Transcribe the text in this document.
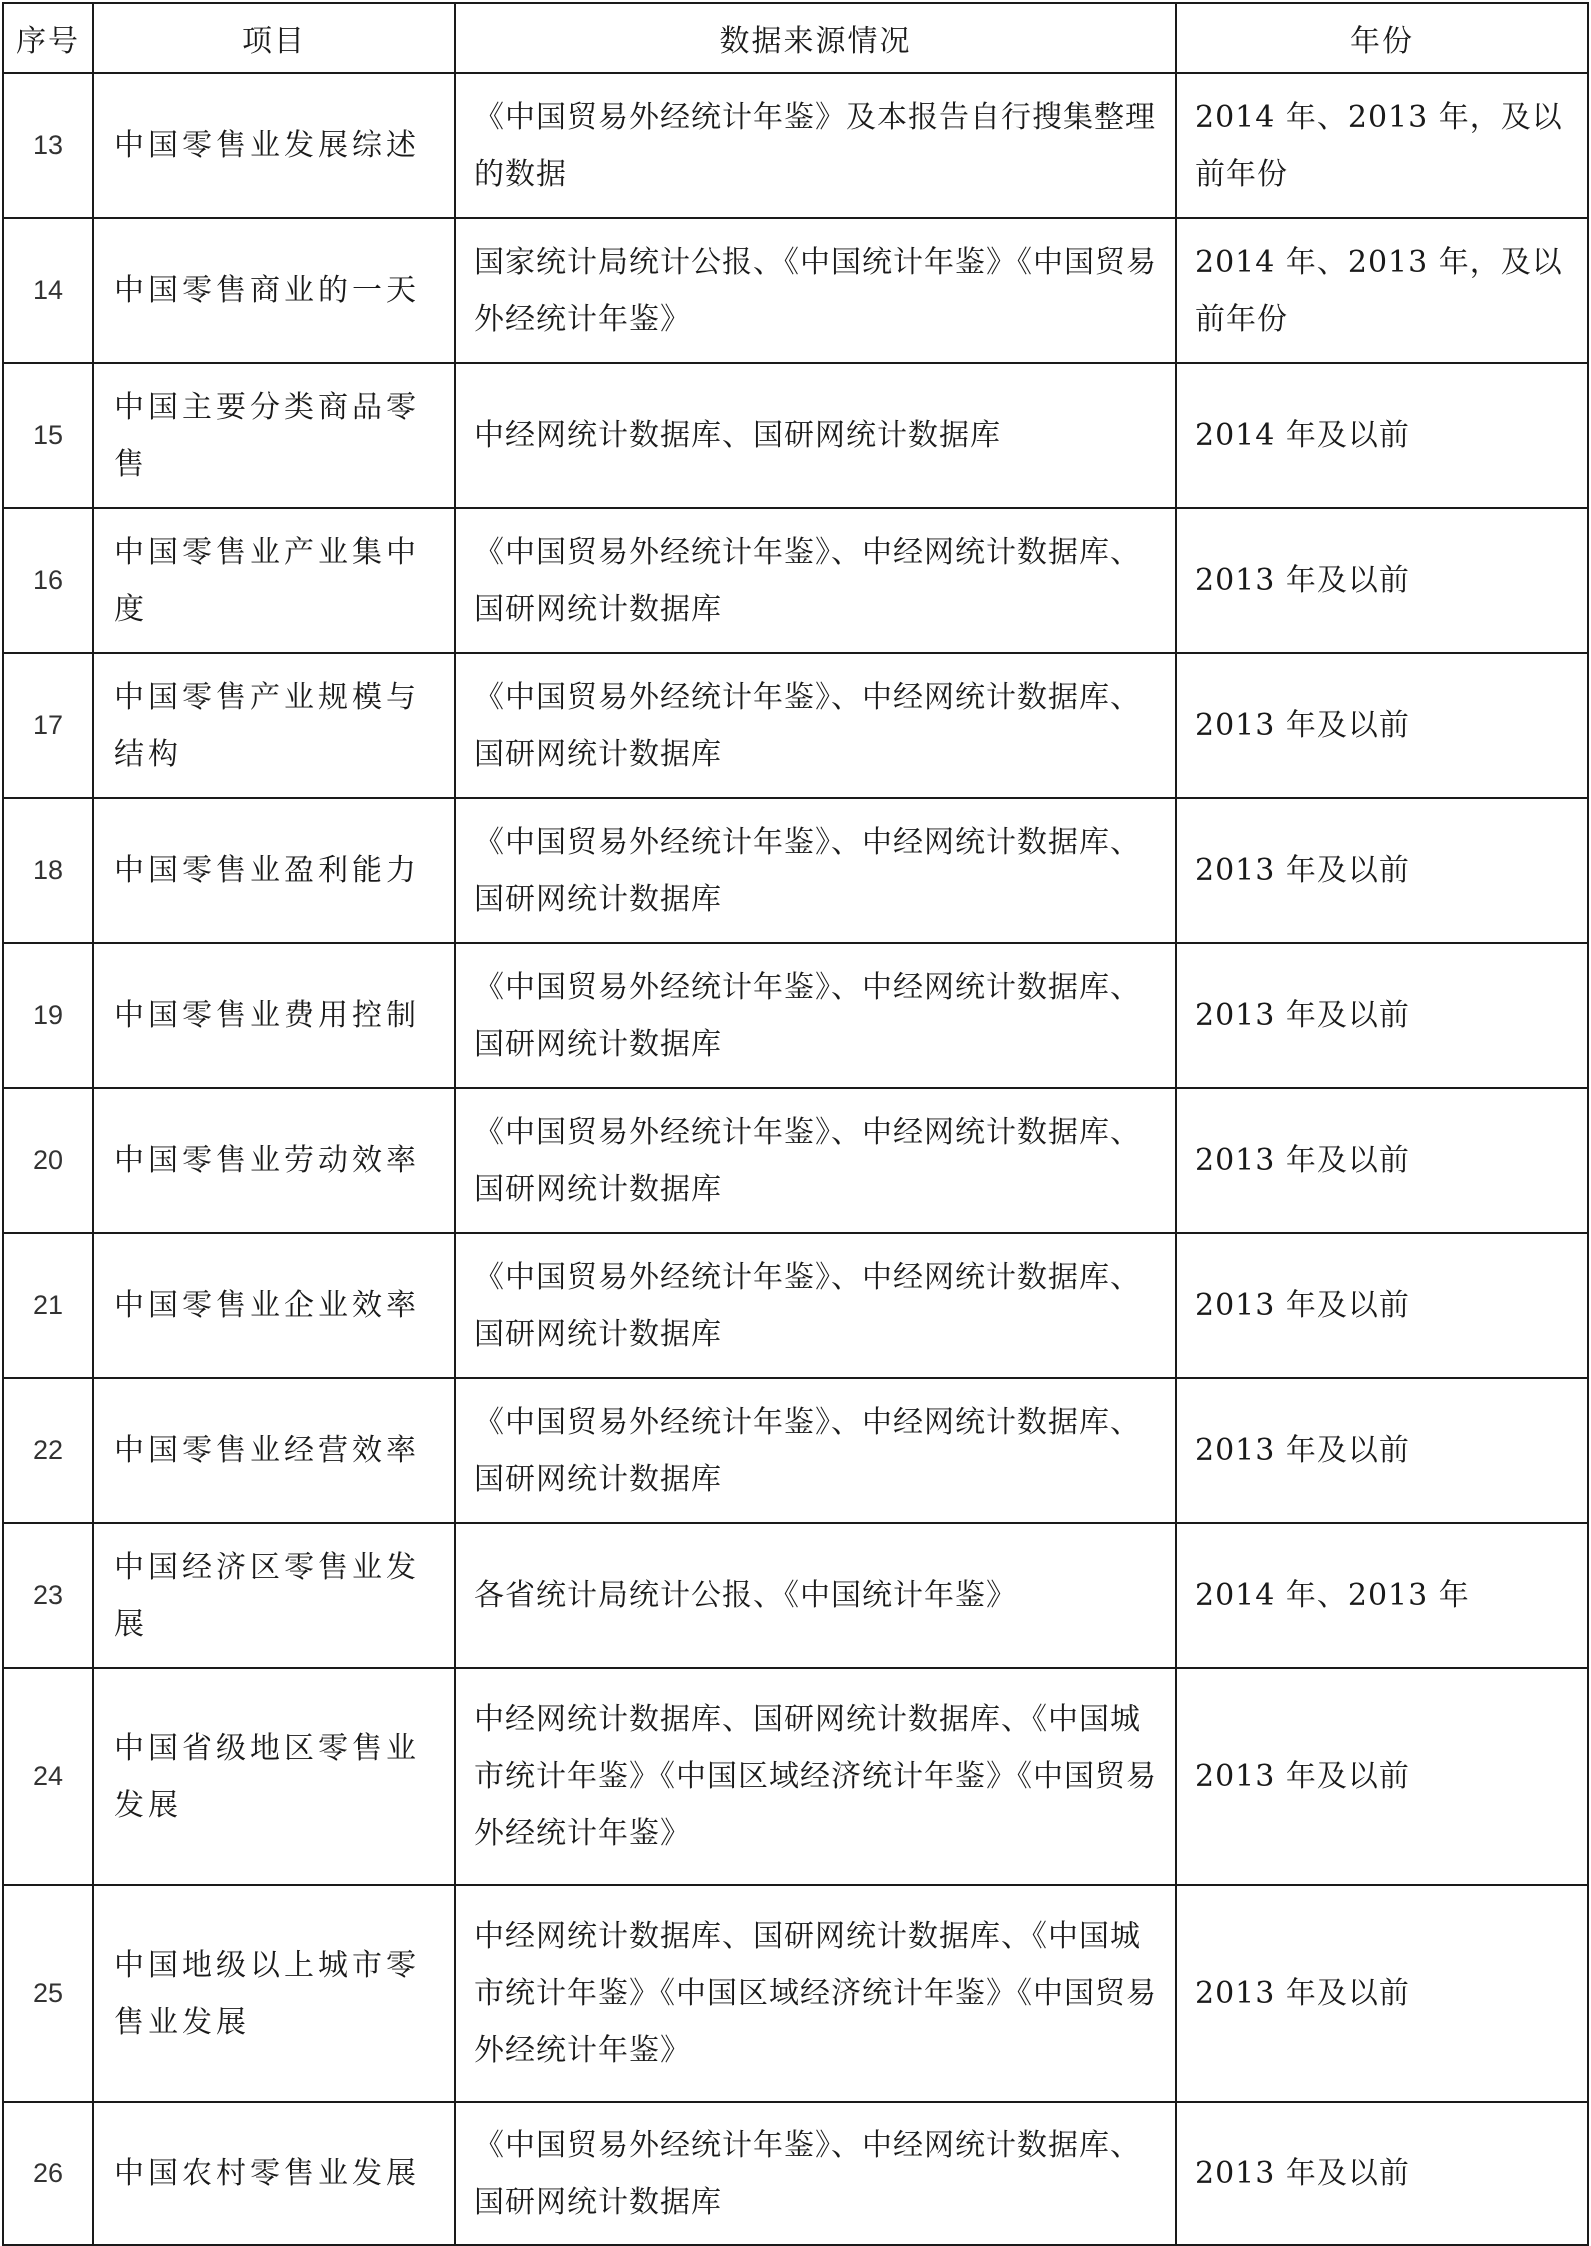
序号	项目	数据来源情况	年份
13	中国零售业发展综述	《中国贸易外经统计年鉴》及本报告自行搜集整理的数据	2014 年、2013 年，及以前年份
14	中国零售商业的一天	国家统计局统计公报、《中国统计年鉴》《中国贸易外经统计年鉴》	2014 年、2013 年，及以前年份
15	中国主要分类商品零售	中经网统计数据库、国研网统计数据库	2014 年及以前
16	中国零售业产业集中度	《中国贸易外经统计年鉴》、中经网统计数据库、国研网统计数据库	2013 年及以前
17	中国零售产业规模与结构	《中国贸易外经统计年鉴》、中经网统计数据库、国研网统计数据库	2013 年及以前
18	中国零售业盈利能力	《中国贸易外经统计年鉴》、中经网统计数据库、国研网统计数据库	2013 年及以前
19	中国零售业费用控制	《中国贸易外经统计年鉴》、中经网统计数据库、国研网统计数据库	2013 年及以前
20	中国零售业劳动效率	《中国贸易外经统计年鉴》、中经网统计数据库、国研网统计数据库	2013 年及以前
21	中国零售业企业效率	《中国贸易外经统计年鉴》、中经网统计数据库、国研网统计数据库	2013 年及以前
22	中国零售业经营效率	《中国贸易外经统计年鉴》、中经网统计数据库、国研网统计数据库	2013 年及以前
23	中国经济区零售业发展	各省统计局统计公报、《中国统计年鉴》	2014 年、2013 年
24	中国省级地区零售业发展	中经网统计数据库、国研网统计数据库、《中国城市统计年鉴》《中国区域经济统计年鉴》《中国贸易外经统计年鉴》	2013 年及以前
25	中国地级以上城市零售业发展	中经网统计数据库、国研网统计数据库、《中国城市统计年鉴》《中国区域经济统计年鉴》《中国贸易外经统计年鉴》	2013 年及以前
26	中国农村零售业发展	《中国贸易外经统计年鉴》、中经网统计数据库、国研网统计数据库	2013 年及以前
